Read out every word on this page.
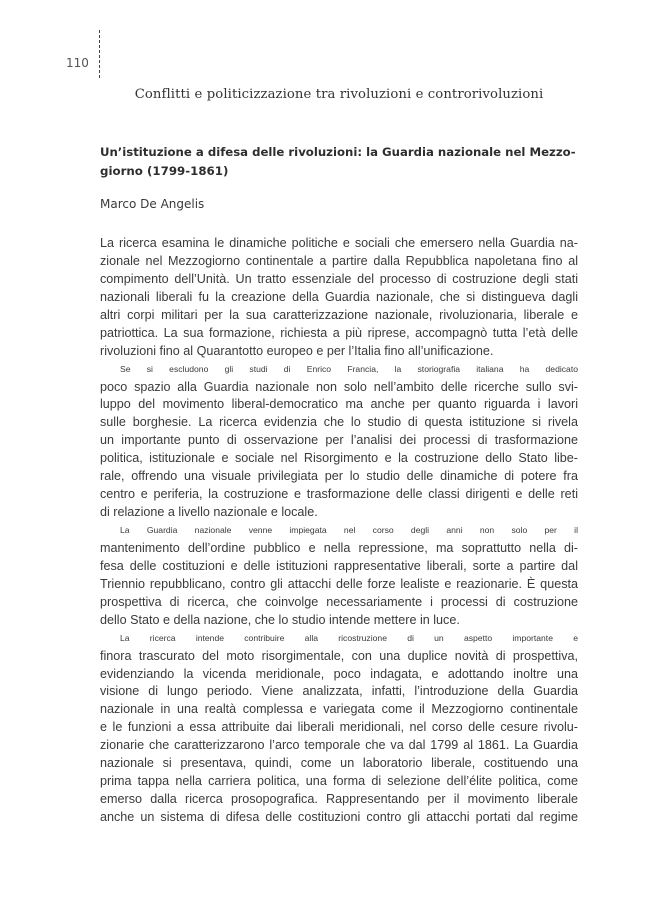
110
Conflitti e politicizzazione tra rivoluzioni e controrivoluzioni
Un’istituzione a difesa delle rivoluzioni: la Guardia nazionale nel Mezzo-
giorno (1799-1861)

Marco De Angelis

La ricerca esamina le dinamiche politiche e sociali che emersero nella Guardia na-
zionale nel Mezzogiorno continentale a partire dalla Repubblica napoletana fino al
compimento dell’Unità. Un tratto essenziale del processo di costruzione degli stati
nazionali liberali fu la creazione della Guardia nazionale, che si distingueva dagli
altri corpi militari per la sua caratterizzazione nazionale, rivoluzionaria, liberale e
patriottica. La sua formazione, richiesta a più riprese, accompagnò tutta l’età delle
rivoluzioni fino al Quarantotto europeo e per l’Italia fino all’unificazione.
Se si escludono gli studi di Enrico Francia, la storiografia italiana ha dedicato
poco spazio alla Guardia nazionale non solo nell’ambito delle ricerche sullo svi-
luppo del movimento liberal-democratico ma anche per quanto riguarda i lavori
sulle borghesie. La ricerca evidenzia che lo studio di questa istituzione si rivela
un importante punto di osservazione per l’analisi dei processi di trasformazione
politica, istituzionale e sociale nel Risorgimento e la costruzione dello Stato libe-
rale, offrendo una visuale privilegiata per lo studio delle dinamiche di potere fra
centro e periferia, la costruzione e trasformazione delle classi dirigenti e delle reti
di relazione a livello nazionale e locale.
La Guardia nazionale venne impiegata nel corso degli anni non solo per il
mantenimento dell’ordine pubblico e nella repressione, ma soprattutto nella di-
fesa delle costituzioni e delle istituzioni rappresentative liberali, sorte a partire dal
Triennio repubblicano, contro gli attacchi delle forze lealiste e reazionarie. È questa
prospettiva di ricerca, che coinvolge necessariamente i processi di costruzione
dello Stato e della nazione, che lo studio intende mettere in luce.
La ricerca intende contribuire alla ricostruzione di un aspetto importante e
finora trascurato del moto risorgimentale, con una duplice novità di prospettiva,
evidenziando la vicenda meridionale, poco indagata, e adottando inoltre una
visione di lungo periodo. Viene analizzata, infatti, l’introduzione della Guardia
nazionale in una realtà complessa e variegata come il Mezzogiorno continentale
e le funzioni a essa attribuite dai liberali meridionali, nel corso delle cesure rivolu-
zionarie che caratterizzarono l’arco temporale che va dal 1799 al 1861. La Guardia
nazionale si presentava, quindi, come un laboratorio liberale, costituendo una
prima tappa nella carriera politica, una forma di selezione dell’élite politica, come
emerso dalla ricerca prosopografica. Rappresentando per il movimento liberale
anche un sistema di difesa delle costituzioni contro gli attacchi portati dal regime
